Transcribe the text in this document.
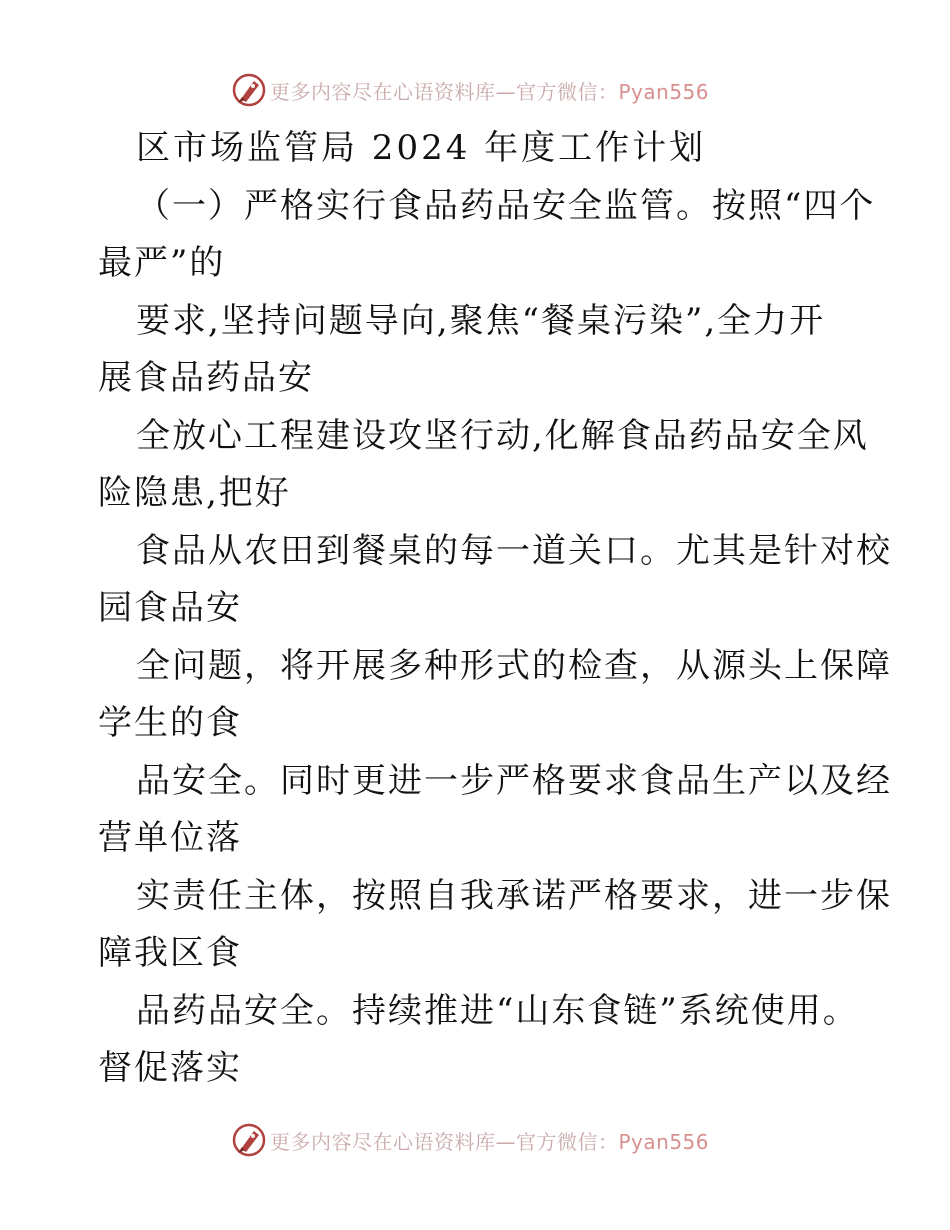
更多内容尽在心语资料库—官方微信：Pyan556
区市场监管局 2024 年度工作计划
（一）严格实行食品药品安全监管。按照“四个
最严”的
要求,坚持问题导向,聚焦“餐桌污染”,全力开
展食品药品安
全放心工程建设攻坚行动,化解食品药品安全风
险隐患,把好
食品从农田到餐桌的每一道关口。尤其是针对校
园食品安
全问题，将开展多种形式的检查，从源头上保障
学生的食
品安全。同时更进一步严格要求食品生产以及经
营单位落
实责任主体，按照自我承诺严格要求，进一步保
障我区食
品药品安全。持续推进“山东食链”系统使用。
督促落实
更多内容尽在心语资料库—官方微信：Pyan556
